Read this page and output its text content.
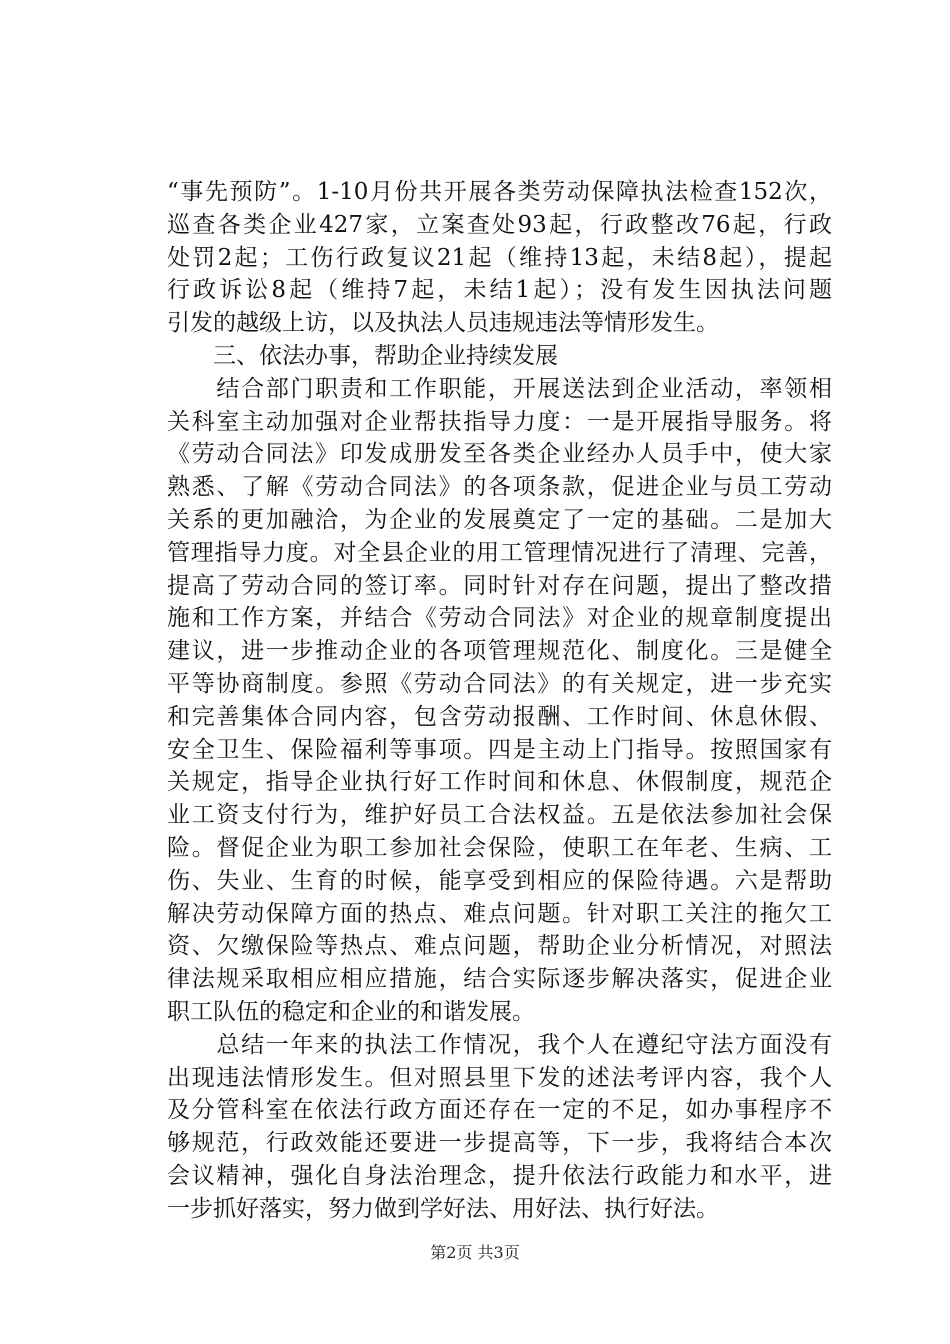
“事先预防”。1-10月份共开展各类劳动保障执法检查152次，
巡查各类企业427家，立案查处93起，行政整改76起，行政
处罚2起；工伤行政复议21起（维持13起，未结8起），提起
行政诉讼8起（维持7起，未结1起）；没有发生因执法问题
引发的越级上访，以及执法人员违规违法等情形发生。
　　三、依法办事，帮助企业持续发展
　　结合部门职责和工作职能，开展送法到企业活动，率领相
关科室主动加强对企业帮扶指导力度：一是开展指导服务。将
《劳动合同法》印发成册发至各类企业经办人员手中，使大家
熟悉、了解《劳动合同法》的各项条款，促进企业与员工劳动
关系的更加融洽，为企业的发展奠定了一定的基础。二是加大
管理指导力度。对全县企业的用工管理情况进行了清理、完善，
提高了劳动合同的签订率。同时针对存在问题，提出了整改措
施和工作方案，并结合《劳动合同法》对企业的规章制度提出
建议，进一步推动企业的各项管理规范化、制度化。三是健全
平等协商制度。参照《劳动合同法》的有关规定，进一步充实
和完善集体合同内容，包含劳动报酬、工作时间、休息休假、
安全卫生、保险福利等事项。四是主动上门指导。按照国家有
关规定，指导企业执行好工作时间和休息、休假制度，规范企
业工资支付行为，维护好员工合法权益。五是依法参加社会保
险。督促企业为职工参加社会保险，使职工在年老、生病、工
伤、失业、生育的时候，能享受到相应的保险待遇。六是帮助
解决劳动保障方面的热点、难点问题。针对职工关注的拖欠工
资、欠缴保险等热点、难点问题，帮助企业分析情况，对照法
律法规采取相应相应措施，结合实际逐步解决落实，促进企业
职工队伍的稳定和企业的和谐发展。
　　总结一年来的执法工作情况，我个人在遵纪守法方面没有
出现违法情形发生。但对照县里下发的述法考评内容，我个人
及分管科室在依法行政方面还存在一定的不足，如办事程序不
够规范，行政效能还要进一步提高等，下一步，我将结合本次
会议精神，强化自身法治理念，提升依法行政能力和水平，进
一步抓好落实，努力做到学好法、用好法、执行好法。
第2页 共3页
